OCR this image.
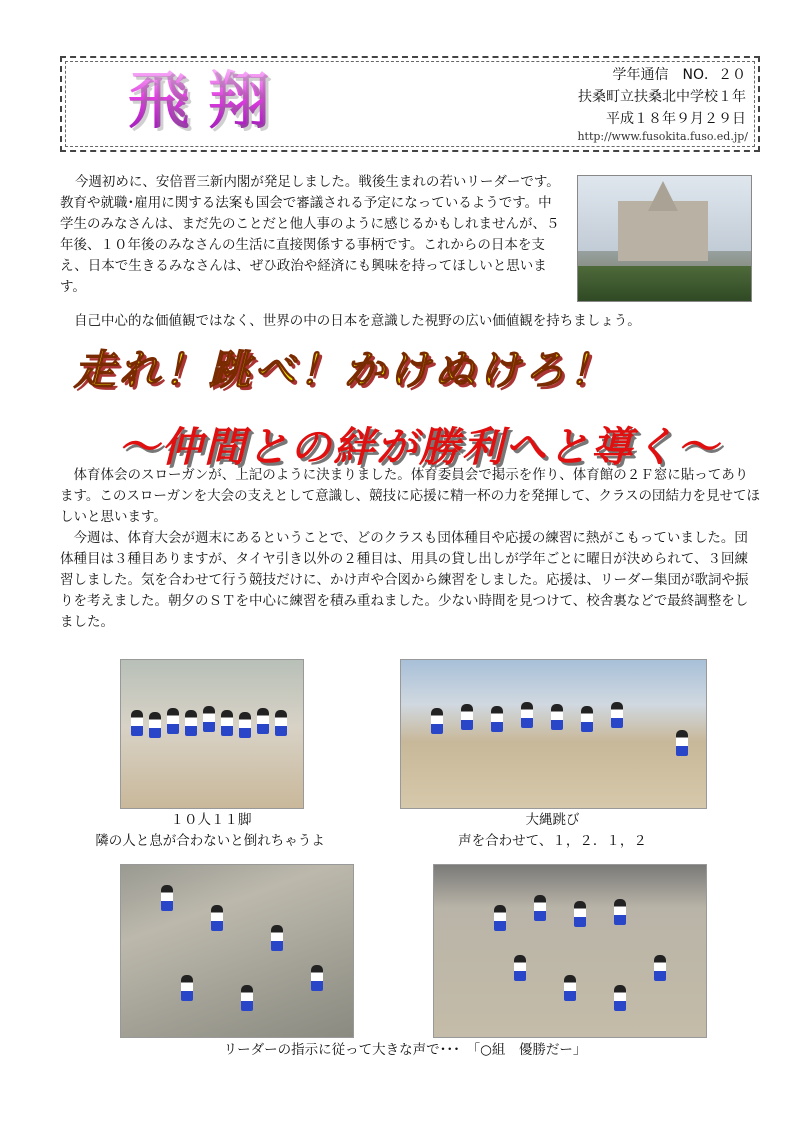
飛翔	学年通信　NO．２０
扶桑町立扶桑北中学校１年
平成１８年９月２９日
http://www.fusokita.fuso.ed.jp/

今週初めに、安倍晋三新内閣が発足しました。戦後生まれの若いリーダーです。教育や就職･雇用に関する法案も国会で審議される予定になっているようです。中学生のみなさんは、まだ先のことだと他人事のように感じるかもしれませんが、５年後、１０年後のみなさんの生活に直接関係する事柄です。これからの日本を支え、日本で生きるみなさんは、ぜひ政治や経済にも興味を持ってほしいと思います。

自己中心的な価値観ではなく、世界の中の日本を意識した視野の広い価値観を持ちましょう。
走れ！跳べ！かけぬけろ！
～仲間との絆が勝利へと導く～

体育体会のスローガンが、上記のように決まりました。体育委員会で掲示を作り、体育館の２Ｆ窓に貼ってあります。このスローガンを大会の支えとして意識し、競技に応援に精一杯の力を発揮して、クラスの団結力を見せてほしいと思います。

今週は、体育大会が週末にあるということで、どのクラスも団体種目や応援の練習に熱がこもっていました。団体種目は３種目ありますが、タイヤ引き以外の２種目は、用具の貸し出しが学年ごとに曜日が決められて、３回練習しました。気を合わせて行う競技だけに、かけ声や合図から練習をしました。応援は、リーダー集団が歌詞や振りを考えました。朝夕のＳＴを中心に練習を積み重ねました。少ない時間を見つけて、校舎裏などで最終調整をしました。

１０人１１脚
隣の人と息が合わないと倒れちゃうよ
大縄跳び
声を合わせて、１，２．１，２
リーダーの指示に従って大きな声で･･･　「○組　優勝だー」
